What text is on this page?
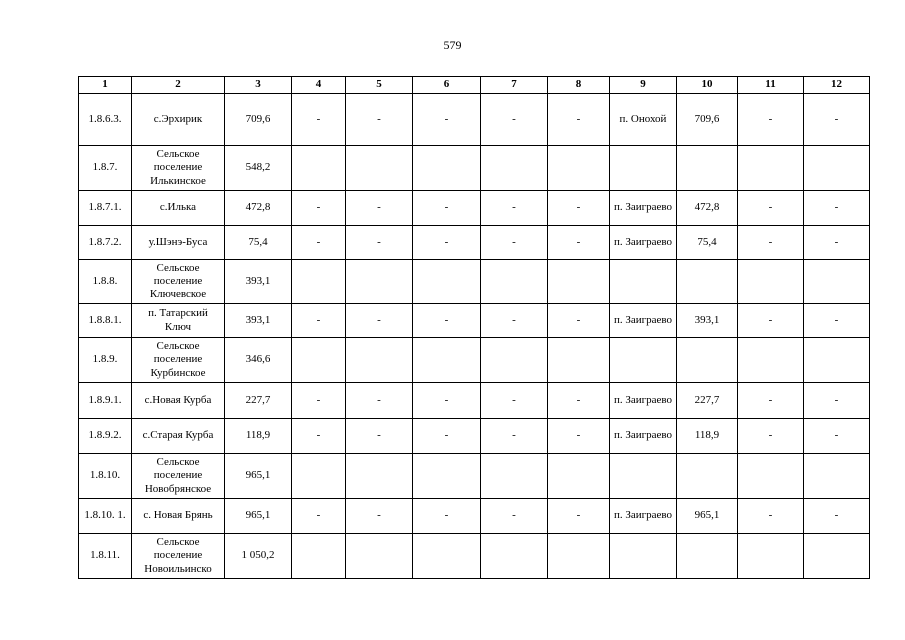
579
1	2	3	4	5	6	7	8	9	10	11	12
1.8.6.3.	с.Эрхирик	709,6	-	-	-	-	-	п. Онохой	709,6	-	-
1.8.7.	Сельское поселение Илькинское	548,2									
1.8.7.1.	с.Илька	472,8	-	-	-	-	-	п. Заиграево	472,8	-	-
1.8.7.2.	у.Шэнэ-Буса	75,4	-	-	-	-	-	п. Заиграево	75,4	-	-
1.8.8.	Сельское поселение Ключевское	393,1									
1.8.8.1.	п. Татарский Ключ	393,1	-	-	-	-	-	п. Заиграево	393,1	-	-
1.8.9.	Сельское поселение Курбинское	346,6									
1.8.9.1.	с.Новая Курба	227,7	-	-	-	-	-	п. Заиграево	227,7	-	-
1.8.9.2.	с.Старая Курба	118,9	-	-	-	-	-	п. Заиграево	118,9	-	-
1.8.10.	Сельское поселение Новобрянское	965,1									
1.8.10. 1.	с. Новая Брянь	965,1	-	-	-	-	-	п. Заиграево	965,1	-	-
1.8.11.	Сельское поселение Новоильинско	1 050,2									
